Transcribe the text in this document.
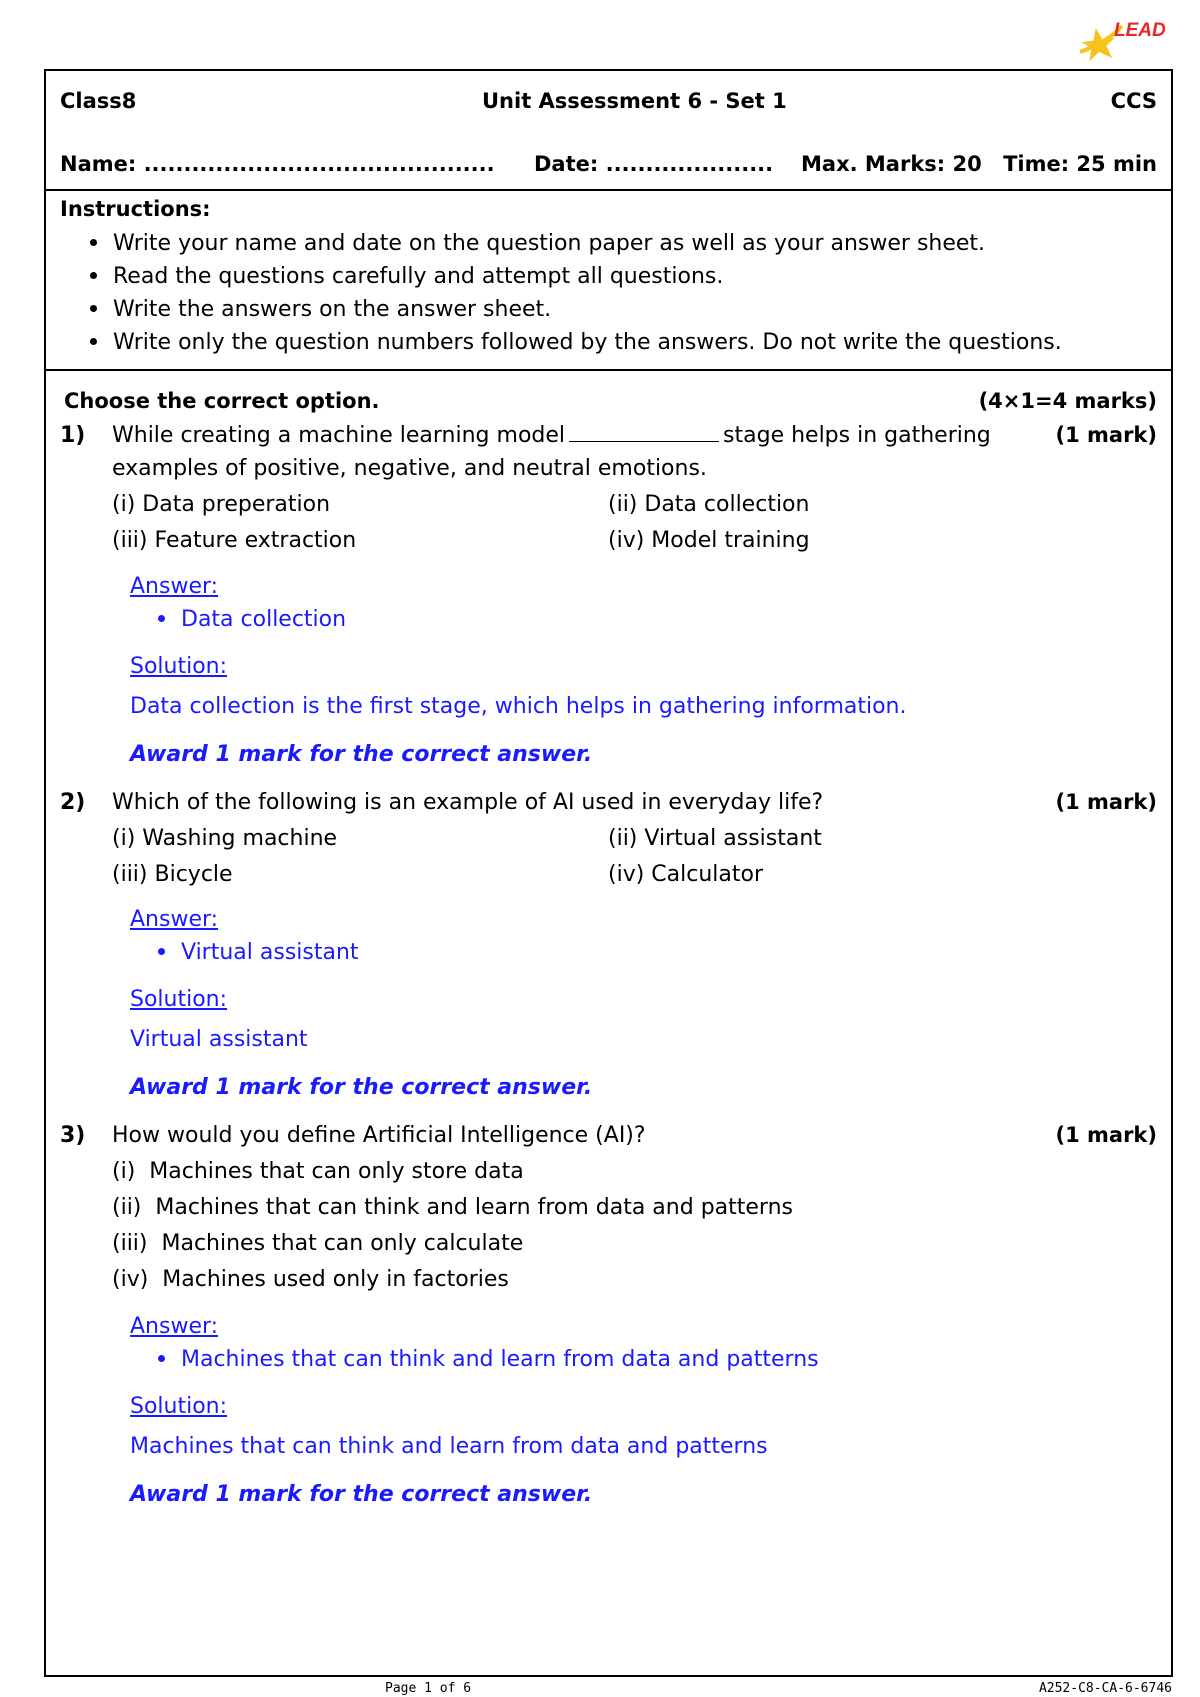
LEAD
Class8	Unit Assessment 6 - Set 1	CCS
Name: ............................................ Date: ..................... Max. Marks: 20 Time: 25 min
Instructions:
Write your name and date on the question paper as well as your answer sheet.
Read the questions carefully and attempt all questions.
Write the answers on the answer sheet.
Write only the question numbers followed by the answers. Do not write the questions.
Choose the correct option.	(4×1=4 marks)
1) While creating a machine learning model	stage helps in gathering	(1 mark)
examples of positive, negative, and neutral emotions.
(i) Data preperation	(ii) Data collection
(iii) Feature extraction	(iv) Model training
Answer:
Data collection
Solution:
Data collection is the first stage, which helps in gathering information.
Award 1 mark for the correct answer.
2) Which of the following is an example of AI used in everyday life?	(1 mark)
(i) Washing machine	(ii) Virtual assistant
(iii) Bicycle	(iv) Calculator
Answer:
Virtual assistant
Solution:
Virtual assistant
Award 1 mark for the correct answer.
3) How would you define Artificial Intelligence (AI)?	(1 mark)
(i)  Machines that can only store data
(ii)  Machines that can think and learn from data and patterns
(iii)  Machines that can only calculate
(iv)  Machines used only in factories
Answer:
Machines that can think and learn from data and patterns
Solution:
Machines that can think and learn from data and patterns
Award 1 mark for the correct answer.
Page 1 of 6	A252-C8-CA-6-6746
